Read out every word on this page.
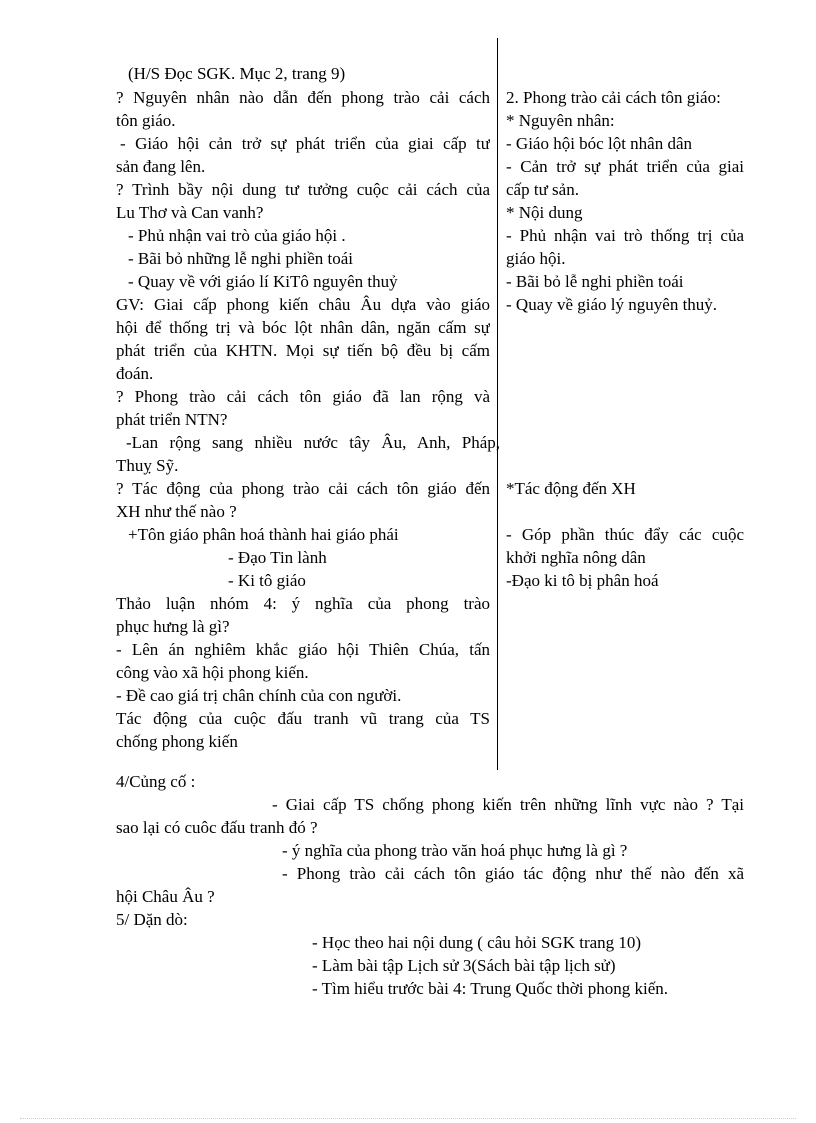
(H/S Đọc SGK. Mục 2, trang 9)
? Nguyên nhân nào dẫn đến phong trào cải cách
tôn giáo.
- Giáo hội cản trở sự phát triển của giai cấp tư
sản đang lên.
? Trình bầy nội dung tư tưởng cuộc cải cách của
Lu Thơ và Can vanh?
- Phủ nhận vai trò của giáo hội .
- Bãi bỏ những lễ nghi phiền toái
- Quay về với giáo lí KiTô nguyên thuỷ
GV: Giai cấp phong kiến châu Âu dựa vào giáo
hội để thống trị và bóc lột nhân dân, ngăn cấm sự
phát triển của KHTN. Mọi sự tiến bộ đều bị cấm
đoán.
? Phong trào cải cách tôn giáo đã lan rộng và
phát triển NTN?
-Lan rộng sang nhiều nước tây Âu, Anh, Pháp,
Thuỵ Sỹ.
? Tác động của phong trào cải cách tôn giáo đến
XH như thế nào ?
+Tôn giáo phân hoá thành hai giáo phái
- Đạo Tin lành
- Ki tô giáo
Thảo luận nhóm 4: ý nghĩa của phong trào
phục hưng là gì?
- Lên án nghiêm khắc giáo hội Thiên Chúa, tấn
công vào xã hội phong kiến.
- Đề cao giá trị chân chính của con người.
Tác động của cuộc đấu tranh vũ trang của TS
chống phong kiến
2. Phong trào cải cách tôn giáo:
* Nguyên nhân:
- Giáo hội bóc lột nhân dân
- Cản trở sự phát triển của giai
cấp tư sản.
* Nội dung
- Phủ nhận vai trò thống trị của
giáo hội.
- Bãi bỏ lễ nghi phiền toái
- Quay về giáo lý nguyên thuỷ.
*Tác động đến XH
- Góp phần thúc đẩy các cuộc
khởi nghĩa nông dân
-Đạo ki tô bị phân hoá
4/Củng cố :
- Giai cấp TS chống phong kiến trên những lĩnh vực nào ? Tại
sao lại có cuôc đấu tranh đó ?
- ý nghĩa của phong trào văn hoá phục hưng là gì ?
- Phong trào cải cách tôn giáo tác động như thế nào đến xã
hội Châu Âu ?
5/ Dặn dò:
- Học theo hai nội dung ( câu hỏi SGK trang 10)
- Làm bài tập Lịch sử 3(Sách bài tập lịch sử)
- Tìm hiểu trước bài 4: Trung Quốc thời phong kiến.
